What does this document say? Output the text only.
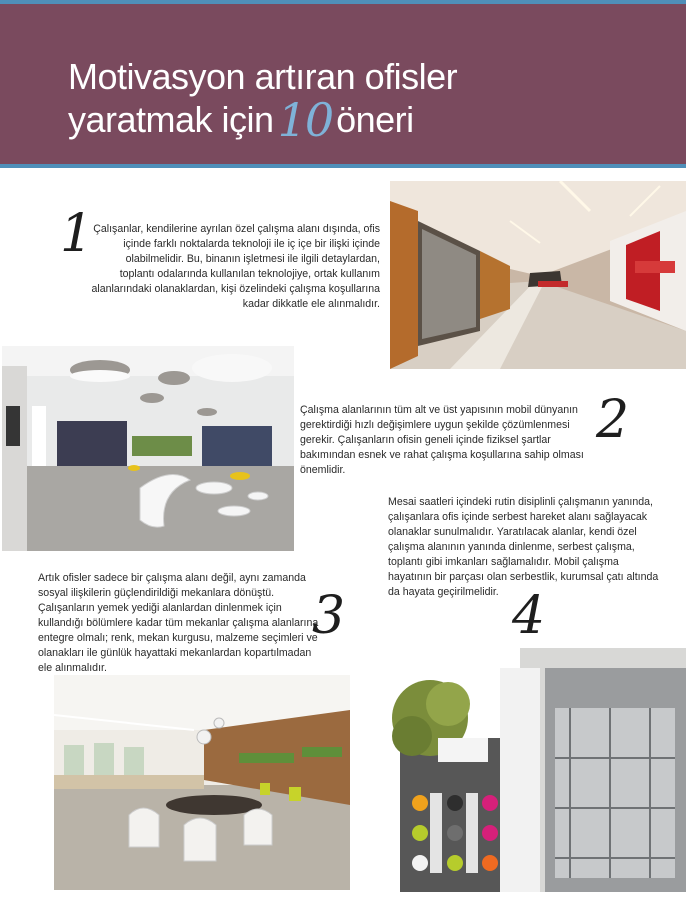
Motivasyon artıran ofisler
yaratmak için10 öneri
1 Çalışanlar, kendilerine ayrılan özel çalışma alanı dışında, ofis içinde farklı noktalarda teknoloji ile iç içe bir ilişki içinde olabilmelidir. Bu, binanın işletmesi ile ilgili detaylardan, toplantı odalarında kullanılan teknolojiye, ortak kullanım alanlarındaki olanaklardan, kişi özelindeki çalışma koşullarına kadar dikkatle ele alınmalıdır.
Çalışma alanlarının tüm alt ve üst yapısının mobil dünyanın gerektirdiği hızlı değişimlere uygun şekilde çözümlenmesi gerekir. Çalışanların ofisin geneli içinde fiziksel şartlar bakımından esnek ve rahat çalışma koşullarına sahip olması önemlidir.
2
Mesai saatleri içindeki rutin disiplinli çalışmanın yanında, çalışanlara ofis içinde serbest hareket alanı sağlayacak olanaklar sunulmalıdır. Yaratılacak alanlar, kendi özel çalışma alanının yanında dinlenme, serbest çalışma, toplantı gibi imkanları sağlamalıdır. Mobil çalışma hayatının bir parçası olan serbestlik, kurumsal çatı altında da hayata geçirilmelidir. 4
Artık ofisler sadece bir çalışma alanı değil, aynı zamanda sosyal ilişkilerin güçlendirildiği mekanlara dönüştü. Çalışanların yemek yediği alanlardan dinlenmek için kullandığı bölümlere kadar tüm mekanlar çalışma alanlarına entegre olmalı; renk, mekan kurgusu, malzeme seçimleri ve olanakları ile günlük hayattaki mekanlardan kopartılmadan ele alınmalıdır.
3
